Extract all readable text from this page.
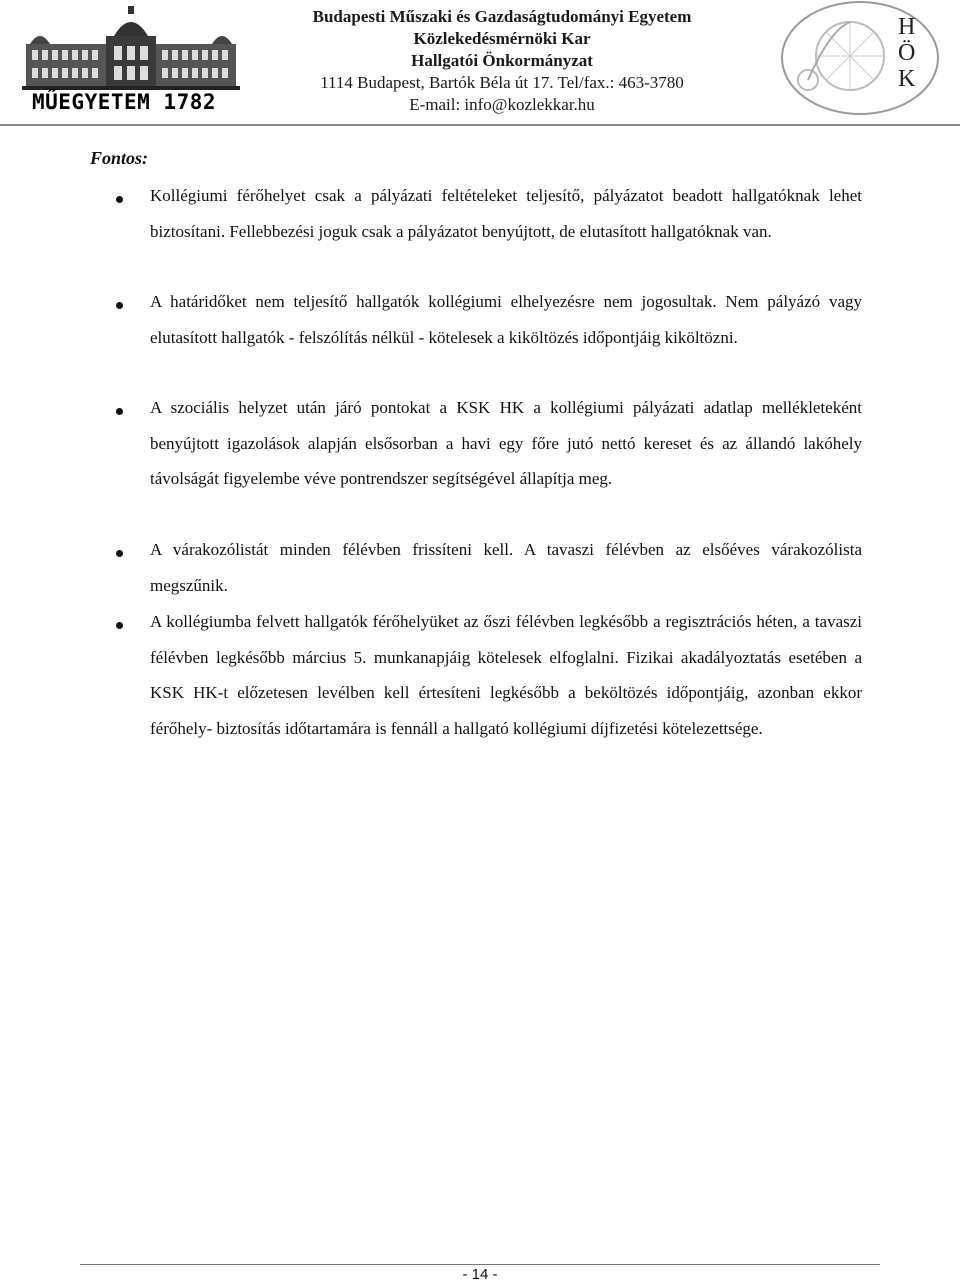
MŰEGYETEM 1782
Budapesti Műszaki és Gazdaságtudományi Egyetem
Közlekedésmérnöki Kar
Hallgatói Önkormányzat
1114 Budapest, Bartók Béla út 17. Tel/fax.: 463-3780
E-mail: info@kozlekkar.hu
H
Ö
K
Fontos:
Kollégiumi férőhelyet csak a pályázati feltételeket teljesítő, pályázatot beadott hallgatóknak lehet biztosítani. Fellebbezési joguk csak a pályázatot benyújtott, de elutasított hallgatóknak van.
A határidőket nem teljesítő hallgatók kollégiumi elhelyezésre nem jogosultak. Nem pályázó vagy elutasított hallgatók - felszólítás nélkül - kötelesek a kiköltözés időpontjáig kiköltözni.
A szociális helyzet után járó pontokat a KSK HK a kollégiumi pályázati adatlap mellékleteként benyújtott igazolások alapján elsősorban a havi egy főre jutó nettó kereset és az állandó lakóhely távolságát figyelembe véve pontrendszer segítségével állapítja meg.
A várakozólistát minden félévben frissíteni kell. A tavaszi félévben az elsőéves várakozólista megszűnik.
A kollégiumba felvett hallgatók férőhelyüket az őszi félévben legkésőbb a regisztrációs héten, a tavaszi félévben legkésőbb március 5. munkanapjáig kötelesek elfoglalni. Fizikai akadályoztatás esetében a KSK HK-t előzetesen levélben kell értesíteni legkésőbb a beköltözés időpontjáig, azonban ekkor férőhely- biztosítás időtartamára is fennáll a hallgató kollégiumi díjfizetési kötelezettsége.
- 14 -
